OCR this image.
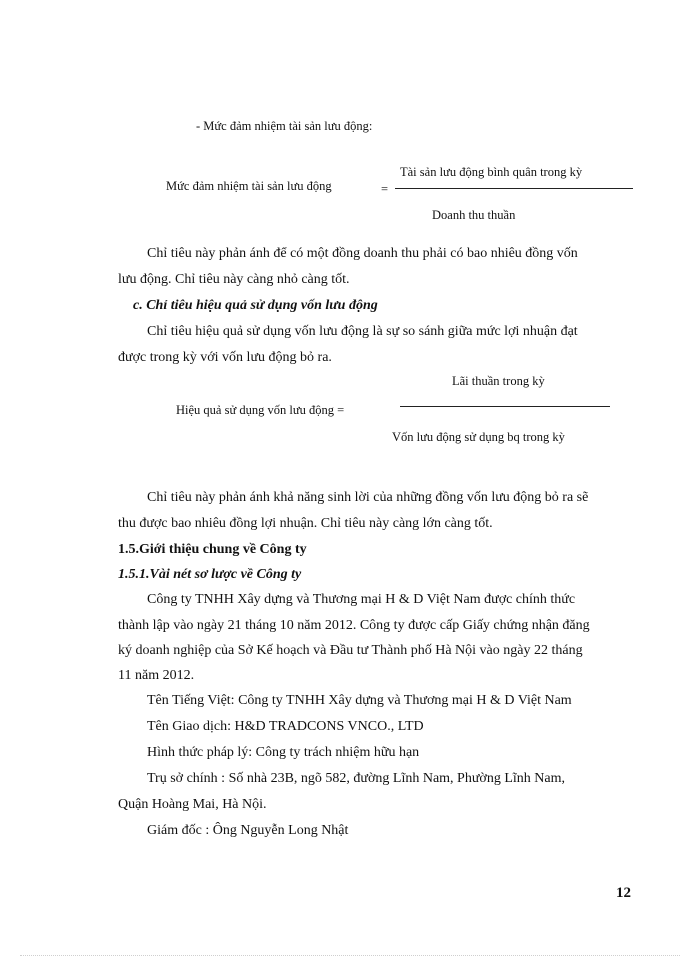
- Mức đảm nhiệm tài sản lưu động:
Mức đảm nhiệm tài sản lưu động	=
Tài sản lưu động bình quân trong kỳ
Doanh thu thuần
Chỉ tiêu này phản ánh để có một đồng doanh thu phải có bao nhiêu đồng vốn
lưu động. Chỉ tiêu này càng nhỏ càng tốt.
c. Chỉ tiêu hiệu quả sử dụng vốn lưu động
Chỉ tiêu hiệu quả sử dụng vốn lưu động là sự so sánh giữa mức lợi nhuận đạt
được trong kỳ với vốn lưu động bỏ ra.
Lãi thuần trong kỳ
Hiệu quả sử dụng vốn lưu động =
Vốn lưu động sử dụng bq trong kỳ
Chỉ tiêu này phản ánh khả năng sinh lời của những đồng vốn lưu động bỏ ra sẽ
thu được bao nhiêu đồng lợi nhuận. Chỉ tiêu này càng lớn càng tốt.
1.5.Giới thiệu chung về Công ty
1.5.1.Vài nét sơ lược về Công ty
Công ty TNHH Xây dựng và Thương mại H & D Việt Nam được chính thức
thành lập vào ngày 21 tháng 10 năm 2012. Công ty được cấp Giấy chứng nhận đăng
ký doanh nghiệp của Sở Kế hoạch và Đầu tư Thành phố Hà Nội vào ngày 22 tháng
11 năm 2012.
Tên Tiếng Việt: Công ty TNHH Xây dựng và Thương mại H & D Việt Nam
Tên Giao dịch: H&D TRADCONS VNCO., LTD
Hình thức pháp lý: Công ty trách nhiệm hữu hạn
Trụ sở chính : Số nhà 23B, ngõ 582, đường Lĩnh Nam, Phường Lĩnh Nam,
Quận Hoàng Mai, Hà Nội.
Giám đốc : Ông Nguyễn Long Nhật
12
